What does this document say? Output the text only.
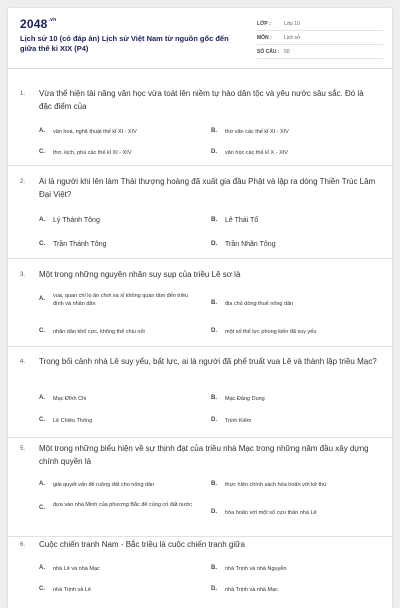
$2048^{.vn}$
Lịch sử 10 (có đáp án) Lịch sử Việt Nam từ nguồn gốc đến giữa thế kỉ XIX (P4)
LỚP :	Lớp 10
MÔN :	Lịch sử
SỐ CÂU : 50
1. Vừa thể hiện tài năng văn học vừa toát lên niềm tự hào dân tộc và yêu nước sâu sắc. Đó là đặc điểm của
A.	văn hoá, nghệ thuật thế kỉ XI - XIV	B.	thơ văn các thế kỉ XI - XIV
C.	thơ, kịch, phú các thế kỉ XI - XIV	D.	văn học các thế kỉ X - XIV
2. Ai là người khi lên làm Thái thượng hoàng đã xuất gia đầu Phật và lập ra dòng Thiền Trúc Lâm Đại Việt?
A.	Lý Thánh Tông	B.	Lê Thái Tổ
C.	Trần Thánh Tông	D.	Trần Nhân Tông
3. Một trong những nguyên nhân suy sụp của triều Lê sơ là
A.	vua, quan chỉ lo ăn chơi xa xỉ không quan tâm đến triều đình và nhân dân	B.	địa chủ dòng thuế nông dân
C.	nhân dân khổ cực, không thể chịu nổi	D.	một số thế lực phong kiến đã suy yếu
4. Trong bối cảnh nhà Lê suy yếu, bất lực, ai là người đã phế truất vua Lê và thành lập triều Mạc?
A.	Mạc Đĩnh Chi	B.	Mạc Đăng Dung
C.	Lê Chiêu Thống	D.	Trịnh Kiểm
5. Một trong những biểu hiện về sự thịnh đạt của triều nhà Mạc trong những năm đầu xây dựng chính quyền là
A.	giải quyết vấn đề ruộng đất cho nông dân	B.	thực hiện chính sách hòa hoãn với kẻ thù
C.	dựa vào nhà Minh của phương Bắc để củng cố đất nước
D.	hòa hoãn với một số cựu thần nhà Lê
6. Cuộc chiến tranh Nam - Bắc triều là cuộc chiến tranh giữa
A.	nhà Lê và nhà Mạc	B.	nhà Trịnh và nhà Nguyễn
C.	nhà Trịnh và Lê	D.	nhà Trịnh và nhà Mạc
